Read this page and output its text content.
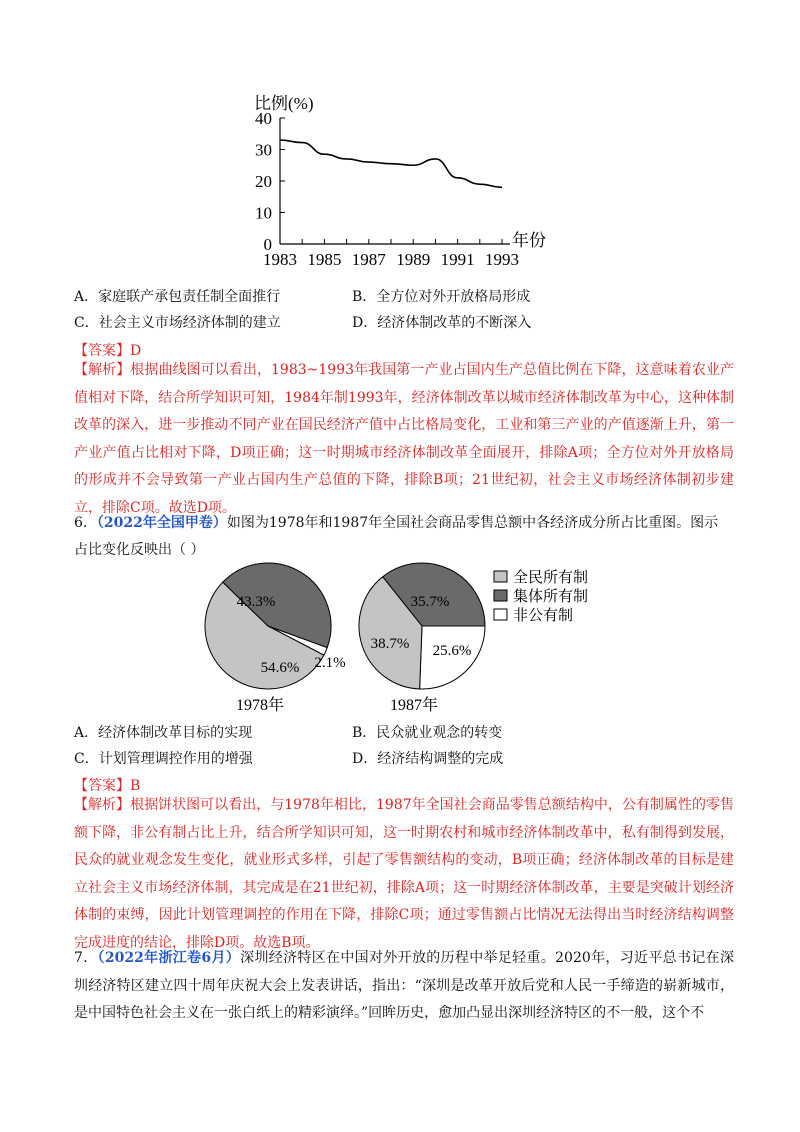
比例(%)
年份
40
30
20
10
0
1983 1985 1987 1989 1991 1993
A．家庭联产承包责任制全面推行	B．全方位对外开放格局形成
C．社会主义市场经济体制的建立	D．经济体制改革的不断深入
【答案】D
【解析】根据曲线图可以看出，1983~1993年我国第一产业占国内生产总值比例在下降，这意味着农业产值相对下降，结合所学知识可知，1984年制1993年，经济体制改革以城市经济体制改革为中心，这种体制改革的深入，进一步推动不同产业在国民经济产值中占比格局变化，工业和第三产业的产值逐渐上升，第一产业产值占比相对下降，D项正确；这一时期城市经济体制改革全面展开，排除A项；全方位对外开放格局的形成并不会导致第一产业占国内生产总值的下降，排除B项；21世纪初，社会主义市场经济体制初步建立，排除C项。故选D项。
6．（2022年全国甲卷）如图为1978年和1987年全国社会商品零售总额中各经济成分所占比重图。图示
占比变化反映出（ ）
54.6%
43.3%
2.1%
38.7%
35.7%
25.6%
全民所有制
集体所有制
非公有制
1978年	1987年
A．经济体制改革目标的实现	B．民众就业观念的转变
C．计划管理调控作用的增强	D．经济结构调整的完成
【答案】B
【解析】根据饼状图可以看出，与1978年相比，1987年全国社会商品零售总额结构中，公有制属性的零售额下降，非公有制占比上升，结合所学知识可知，这一时期农村和城市经济体制改革中，私有制得到发展，民众的就业观念发生变化，就业形式多样，引起了零售额结构的变动，B项正确；经济体制改革的目标是建立社会主义市场经济体制，其完成是在21世纪初，排除A项；这一时期经济体制改革，主要是突破计划经济体制的束缚，因此计划管理调控的作用在下降，排除C项；通过零售额占比情况无法得出当时经济结构调整完成进度的结论，排除D项。故选B项。
7．（2022年浙江卷6月）深圳经济特区在中国对外开放的历程中举足轻重。2020年，习近平总书记在深圳经济特区建立四十周年庆祝大会上发表讲话，指出：“深圳是改革开放后党和人民一手缔造的崭新城市，是中国特色社会主义在一张白纸上的精彩演绎。”回眸历史，愈加凸显出深圳经济特区的不一般，这个不
